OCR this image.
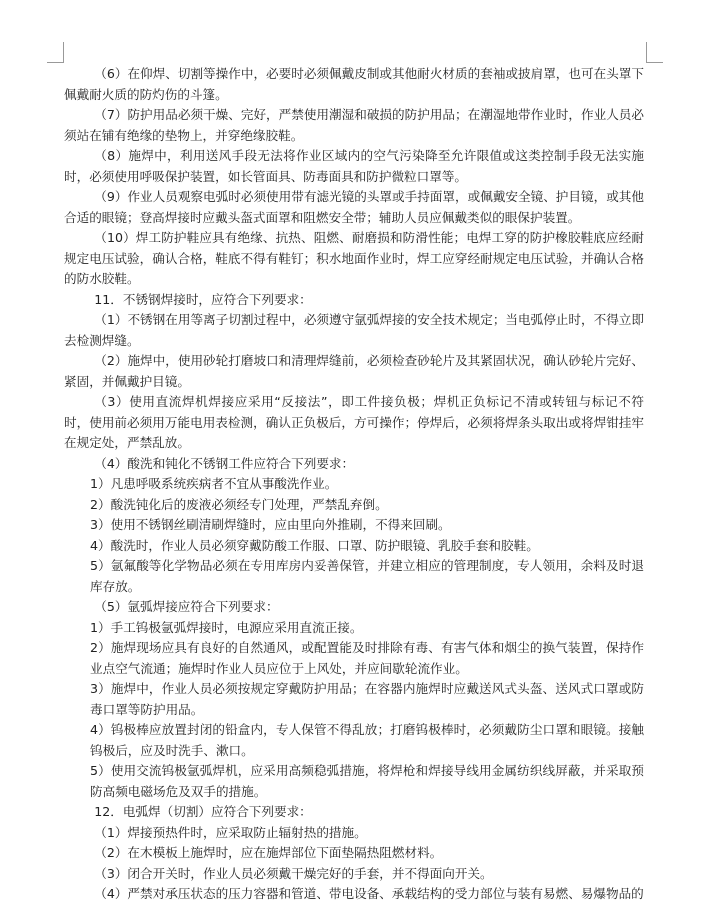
（6）在仰焊、切割等操作中，必要时必须佩戴皮制或其他耐火材质的套袖或披肩罩，也可在头罩下佩戴耐火质的防灼伤的斗篷。

（7）防护用品必须干燥、完好，严禁使用潮湿和破损的防护用品；在潮湿地带作业时，作业人员必须站在铺有绝缘的垫物上，并穿绝缘胶鞋。

（8）施焊中，利用送风手段无法将作业区域内的空气污染降至允许限值或这类控制手段无法实施时，必须使用呼吸保护装置，如长管面具、防毒面具和防护微粒口罩等。

（9）作业人员观察电弧时必须使用带有滤光镜的头罩或手持面罩，或佩戴安全镜、护目镜，或其他合适的眼镜；登高焊接时应戴头盔式面罩和阻燃安全带；辅助人员应佩戴类似的眼保护装置。

（10）焊工防护鞋应具有绝缘、抗热、阻燃、耐磨损和防滑性能；电焊工穿的防护橡胶鞋底应经耐规定电压试验，确认合格，鞋底不得有鞋钉；积水地面作业时，焊工应穿经耐规定电压试验，并确认合格的防水胶鞋。

11．不锈钢焊接时，应符合下列要求：

（1）不锈钢在用等离子切割过程中，必须遵守氩弧焊接的安全技术规定；当电弧停止时，不得立即去检测焊缝。

（2）施焊中，使用砂轮打磨坡口和清理焊缝前，必须检查砂轮片及其紧固状况，确认砂轮片完好、紧固，并佩戴护目镜。

（3）使用直流焊机焊接应采用“反接法”，即工件接负极；焊机正负标记不清或转钮与标记不符时，使用前必须用万能电用表检测，确认正负极后，方可操作；停焊后，必须将焊条头取出或将焊钳挂牢在规定处，严禁乱放。

（4）酸洗和钝化不锈钢工件应符合下列要求：

1）凡患呼吸系统疾病者不宜从事酸洗作业。

2）酸洗钝化后的废液必须经专门处理，严禁乱弃倒。

3）使用不锈钢丝刷清刷焊缝时，应由里向外推刷，不得来回刷。

4）酸洗时，作业人员必须穿戴防酸工作服、口罩、防护眼镜、乳胶手套和胶鞋。

5）氩氟酸等化学物品必须在专用库房内妥善保管，并建立相应的管理制度，专人领用，余料及时退库存放。

（5）氩弧焊接应符合下列要求：

1）手工钨极氩弧焊接时，电源应采用直流正接。

2）施焊现场应具有良好的自然通风，或配置能及时排除有毒、有害气体和烟尘的换气装置，保持作业点空气流通；施焊时作业人员应位于上风处，并应间歇轮流作业。

3）施焊中，作业人员必须按规定穿戴防护用品；在容器内施焊时应戴送风式头盔、送风式口罩或防毒口罩等防护用品。

4）钨极棒应放置封闭的铅盒内，专人保管不得乱放；打磨钨极棒时，必须戴防尘口罩和眼镜。接触钨极后，应及时洗手、漱口。

5）使用交流钨极氩弧焊机，应采用高频稳弧措施，将焊枪和焊接导线用金属纺织线屏蔽，并采取预防高频电磁场危及双手的措施。

12．电弧焊（切割）应符合下列要求：

（1）焊接预热件时，应采取防止辐射热的措施。

（2）在木模板上施焊时，应在施焊部位下面垫隔热阻燃材料。

（3）闭合开关时，作业人员必须戴干燥完好的手套，并不得面向开关。

（4）严禁对承压状态的压力容器和管道、带电设备、承载结构的受力部位与装有易燃、易爆物品的
